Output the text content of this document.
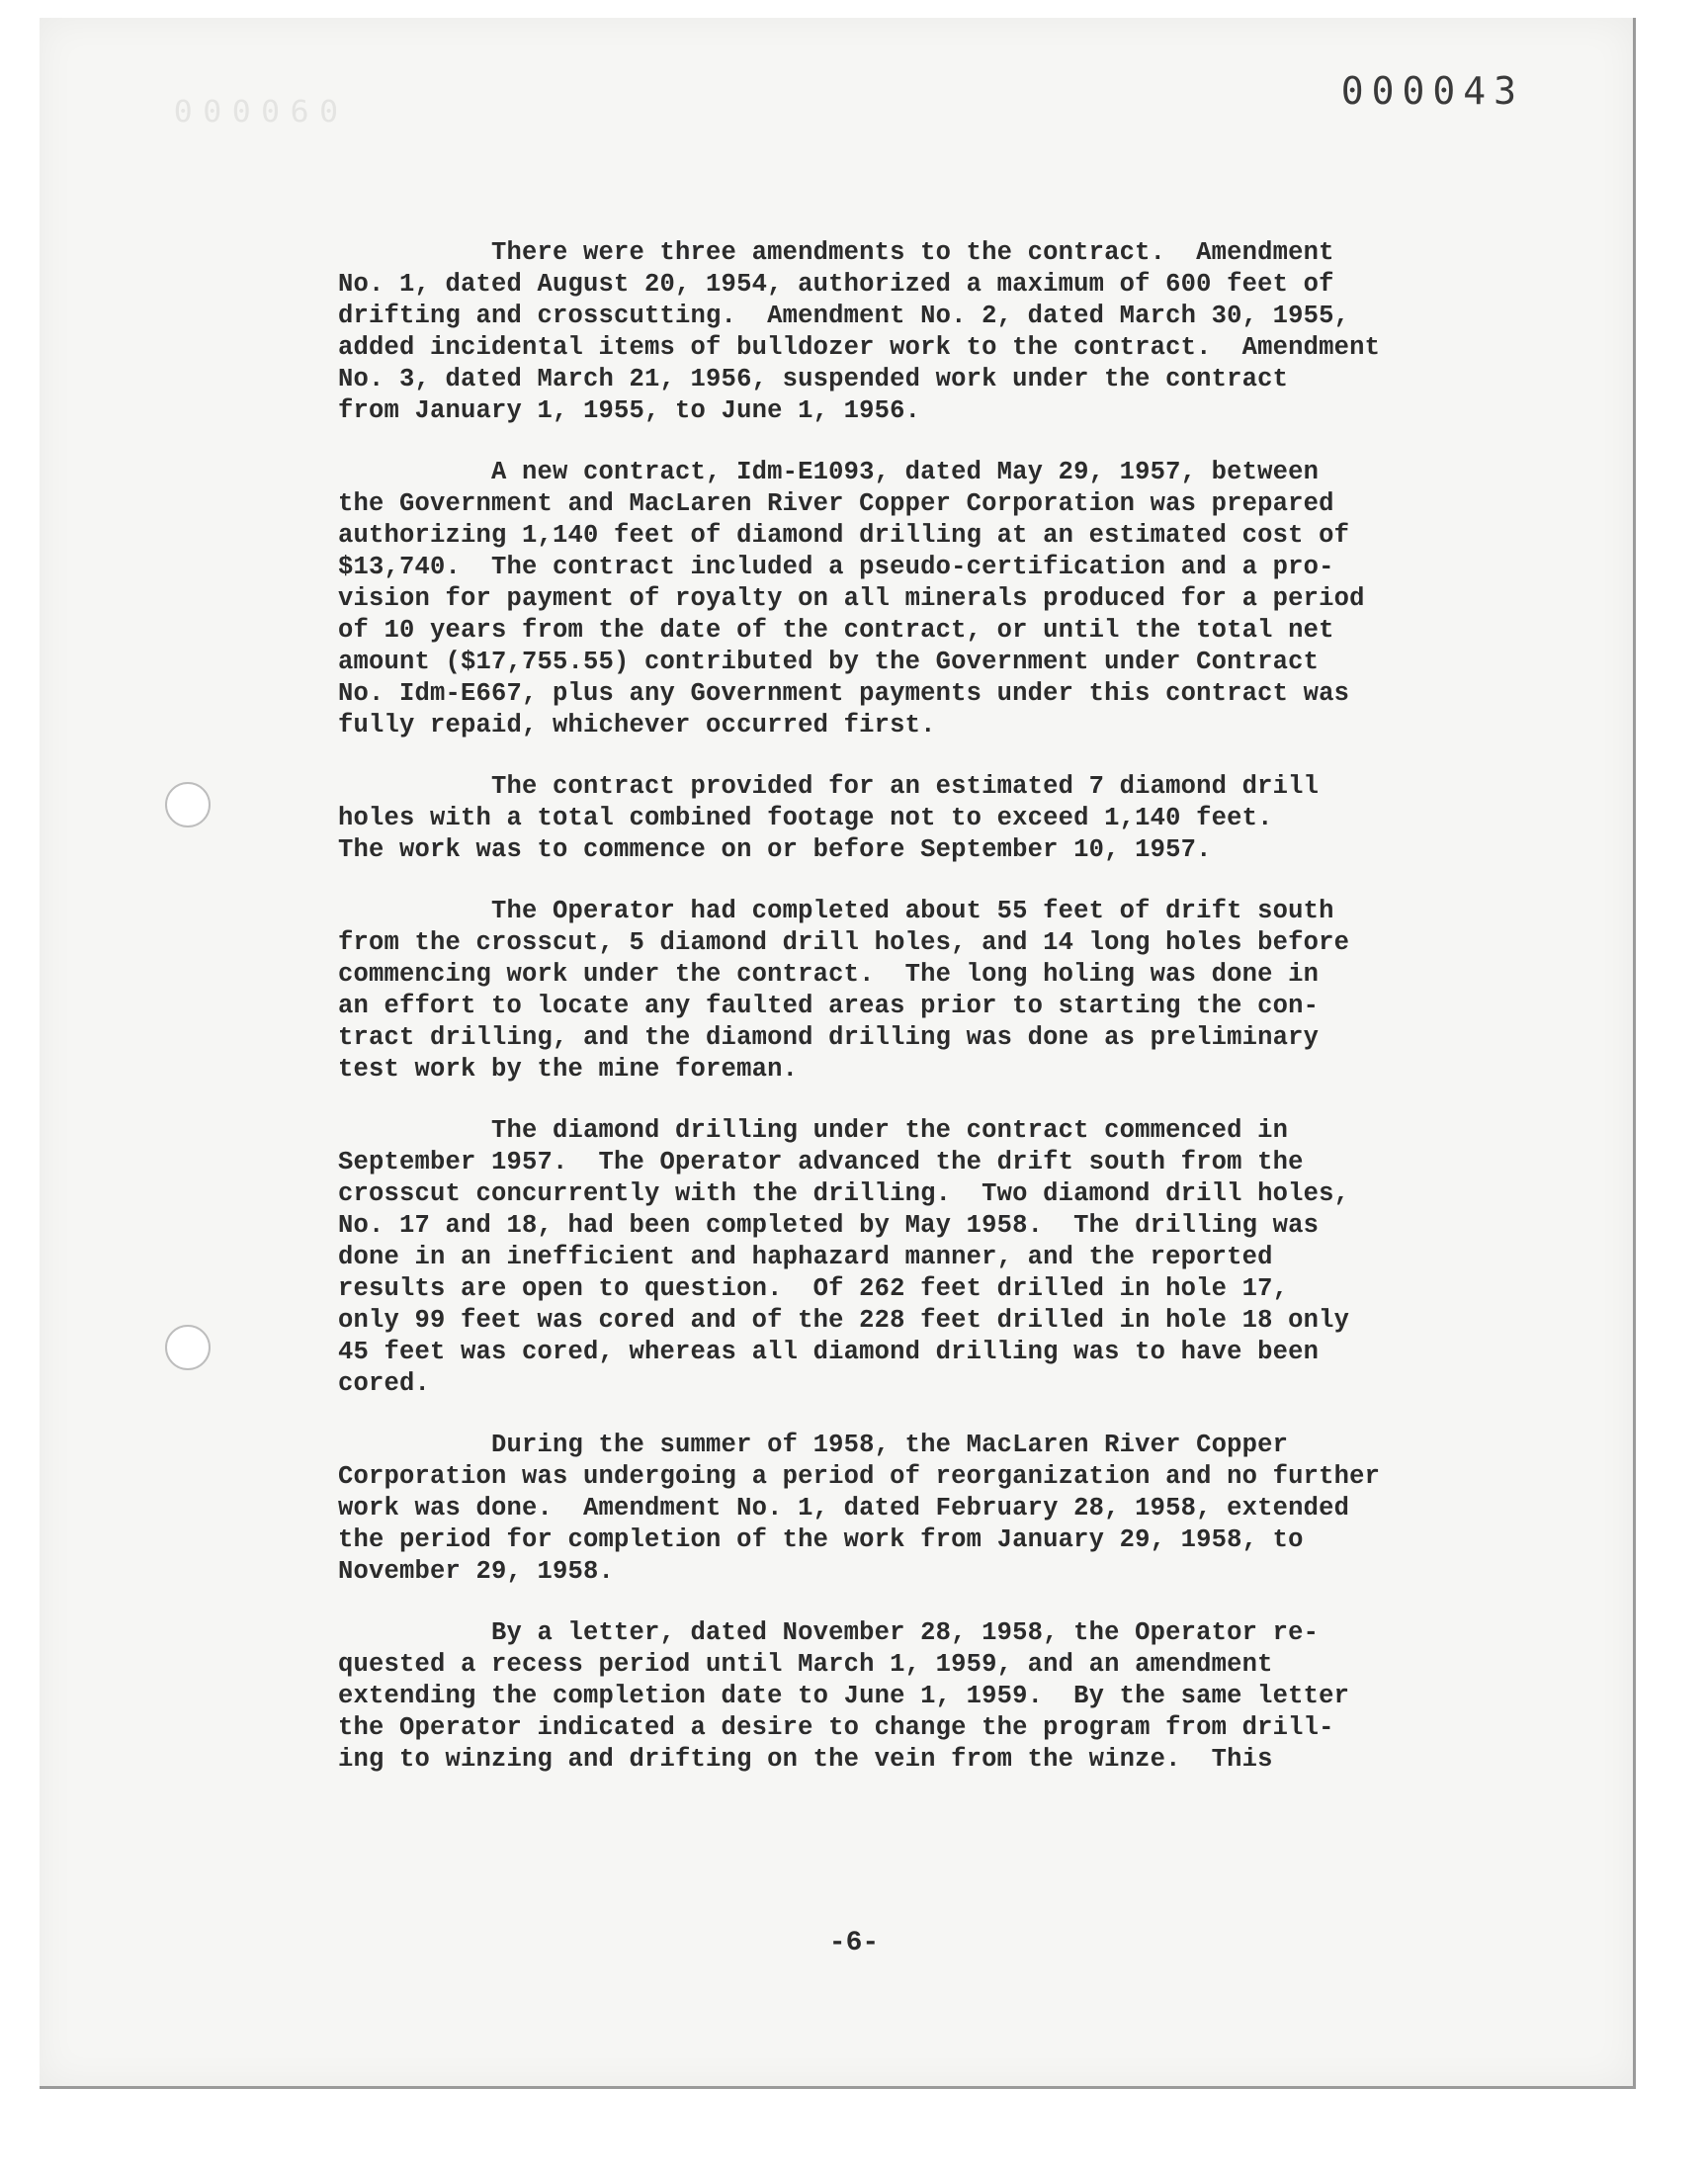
000060	000043

There were three amendments to the contract.  Amendment
No. 1, dated August 20, 1954, authorized a maximum of 600 feet of
drifting and crosscutting.  Amendment No. 2, dated March 30, 1955,
added incidental items of bulldozer work to the contract.  Amendment
No. 3, dated March 21, 1956, suspended work under the contract
from January 1, 1955, to June 1, 1956.

A new contract, Idm-E1093, dated May 29, 1957, between
the Government and MacLaren River Copper Corporation was prepared
authorizing 1,140 feet of diamond drilling at an estimated cost of
$13,740.  The contract included a pseudo-certification and a pro-
vision for payment of royalty on all minerals produced for a period
of 10 years from the date of the contract, or until the total net
amount ($17,755.55) contributed by the Government under Contract
No. Idm-E667, plus any Government payments under this contract was
fully repaid, whichever occurred first.

The contract provided for an estimated 7 diamond drill
holes with a total combined footage not to exceed 1,140 feet.
The work was to commence on or before September 10, 1957.

The Operator had completed about 55 feet of drift south
from the crosscut, 5 diamond drill holes, and 14 long holes before
commencing work under the contract.  The long holing was done in
an effort to locate any faulted areas prior to starting the con-
tract drilling, and the diamond drilling was done as preliminary
test work by the mine foreman.

The diamond drilling under the contract commenced in
September 1957.  The Operator advanced the drift south from the
crosscut concurrently with the drilling.  Two diamond drill holes,
No. 17 and 18, had been completed by May 1958.  The drilling was
done in an inefficient and haphazard manner, and the reported
results are open to question.  Of 262 feet drilled in hole 17,
only 99 feet was cored and of the 228 feet drilled in hole 18 only
45 feet was cored, whereas all diamond drilling was to have been
cored.

During the summer of 1958, the MacLaren River Copper
Corporation was undergoing a period of reorganization and no further
work was done.  Amendment No. 1, dated February 28, 1958, extended
the period for completion of the work from January 29, 1958, to
November 29, 1958.

By a letter, dated November 28, 1958, the Operator re-
quested a recess period until March 1, 1959, and an amendment
extending the completion date to June 1, 1959.  By the same letter
the Operator indicated a desire to change the program from drill-
ing to winzing and drifting on the vein from the winze.  This

-6-
